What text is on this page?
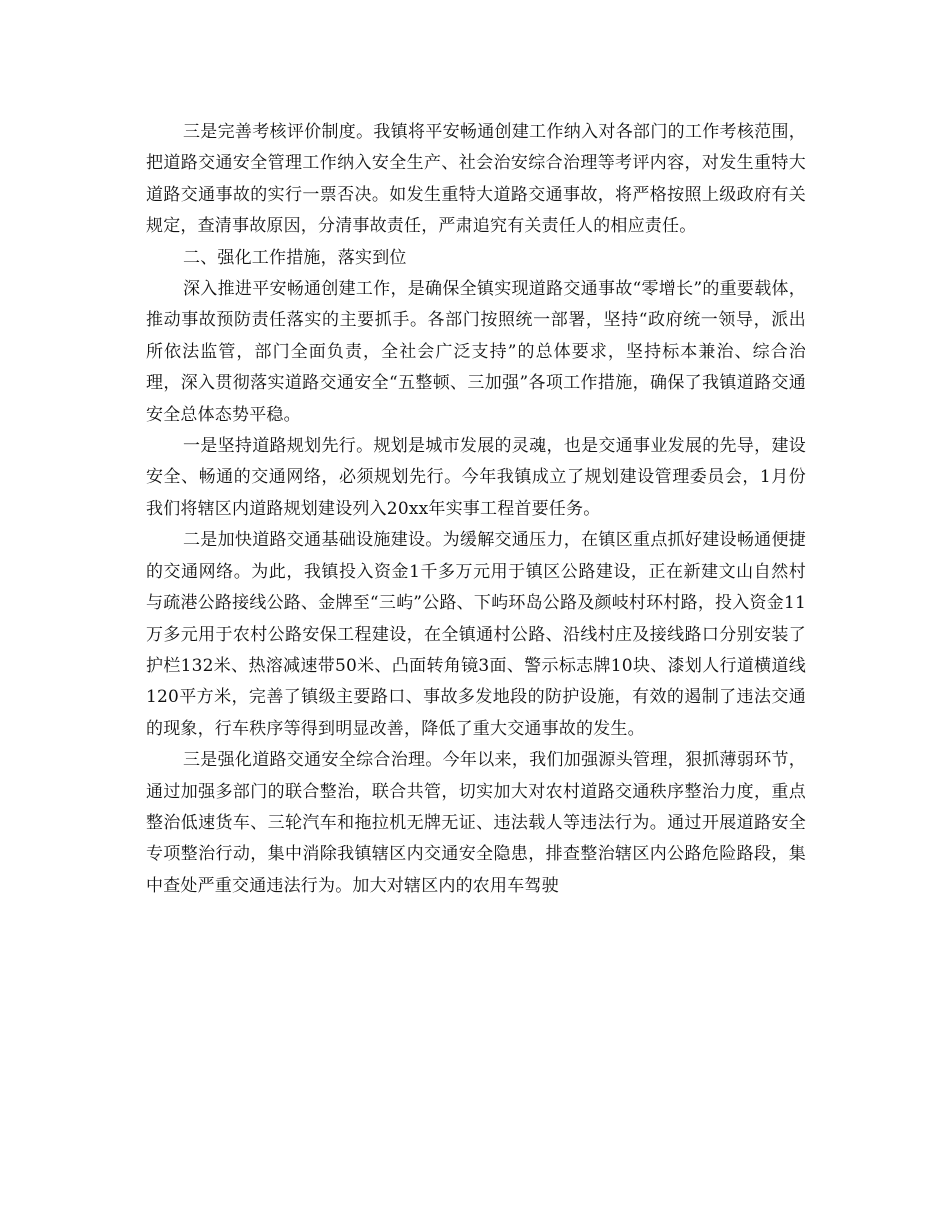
三是完善考核评价制度。我镇将平安畅通创建工作纳入对各部门的工作考核范围，把道路交通安全管理工作纳入安全生产、社会治安综合治理等考评内容，对发生重特大道路交通事故的实行一票否决。如发生重特大道路交通事故，将严格按照上级政府有关规定，查清事故原因，分清事故责任，严肃追究有关责任人的相应责任。

二、强化工作措施，落实到位

深入推进平安畅通创建工作，是确保全镇实现道路交通事故“零增长”的重要载体，推动事故预防责任落实的主要抓手。各部门按照统一部署，坚持“政府统一领导，派出所依法监管，部门全面负责，全社会广泛支持”的总体要求，坚持标本兼治、综合治理，深入贯彻落实道路交通安全“五整顿、三加强”各项工作措施，确保了我镇道路交通安全总体态势平稳。

一是坚持道路规划先行。规划是城市发展的灵魂，也是交通事业发展的先导，建设安全、畅通的交通网络，必须规划先行。今年我镇成立了规划建设管理委员会，1月份我们将辖区内道路规划建设列入20xx年实事工程首要任务。

二是加快道路交通基础设施建设。为缓解交通压力，在镇区重点抓好建设畅通便捷的交通网络。为此，我镇投入资金1千多万元用于镇区公路建设，正在新建文山自然村与疏港公路接线公路、金牌至“三屿”公路、下屿环岛公路及颜岐村环村路，投入资金11万多元用于农村公路安保工程建设，在全镇通村公路、沿线村庄及接线路口分别安装了护栏132米、热溶减速带50米、凸面转角镜3面、警示标志牌10块、漆划人行道横道线120平方米，完善了镇级主要路口、事故多发地段的防护设施，有效的遏制了违法交通的现象，行车秩序等得到明显改善，降低了重大交通事故的发生。

三是强化道路交通安全综合治理。今年以来，我们加强源头管理，狠抓薄弱环节，通过加强多部门的联合整治，联合共管，切实加大对农村道路交通秩序整治力度，重点整治低速货车、三轮汽车和拖拉机无牌无证、违法载人等违法行为。通过开展道路安全专项整治行动，集中消除我镇辖区内交通安全隐患，排查整治辖区内公路危险路段，集中查处严重交通违法行为。加大对辖区内的农用车驾驶
